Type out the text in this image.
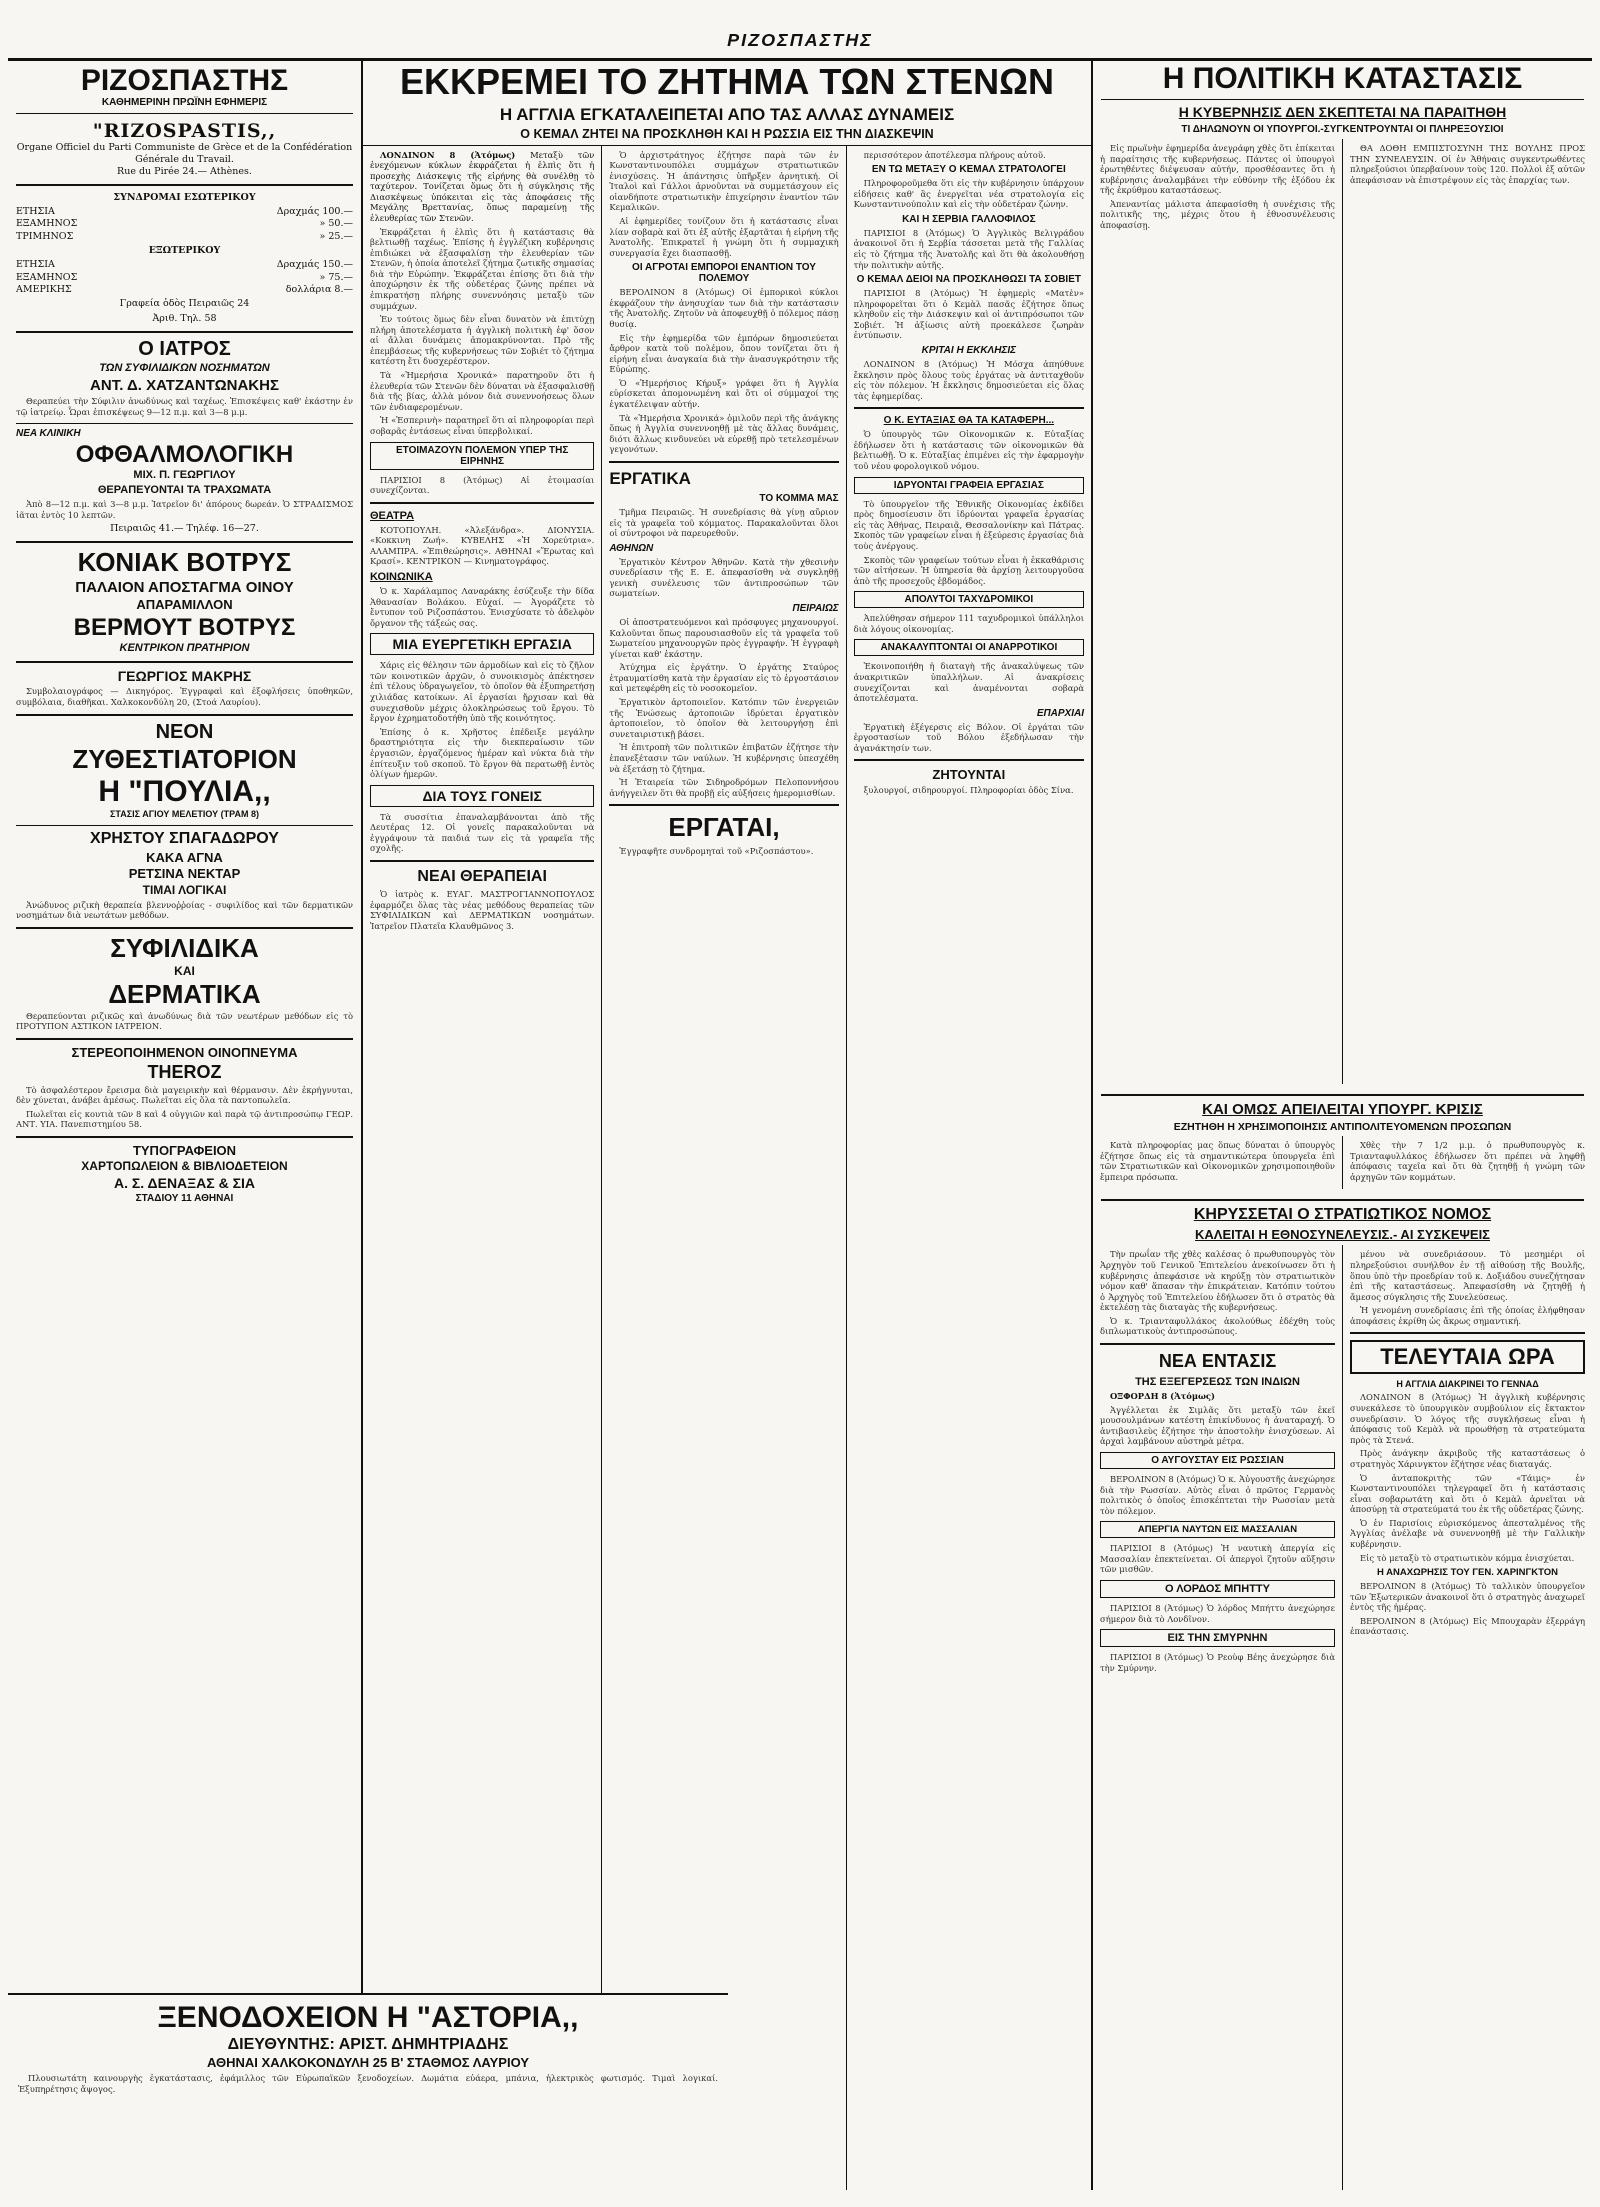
ΡΙΖΟΣΠΑΣΤΗΣ
ΡΙΖΟΣΠΑΣΤΗΣ
ΚΑΘΗΜΕΡΙΝΗ ΠΡΩΪΝΗ ΕΦΗΜΕΡΙΣ
"RIZOSPASTIS,,
Organe Officiel du Parti Communiste de Grèce et de la Confédération Générale du Travail.
Rue du Pirée 24.— Athènes.
ΣΥΝΔΡΟΜΑΙ ΕΣΩΤΕΡΙΚΟΥ
ΕΤΗΣΙΑ	Δραχμάς 100.—
ΕΞΑΜΗΝΟΣ	» 50.—
ΤΡΙΜΗΝΟΣ	» 25.—
ΕΞΩΤΕΡΙΚΟΥ
ΕΤΗΣΙΑ	Δραχμάς 150.—
ΕΞΑΜΗΝΟΣ	» 75.—
ΑΜΕΡΙΚΗΣ	δολλάρια 8.—
Γραφεία ὁδὸς Πειραιῶς 24
Ἀριθ. Τηλ. 58
Ο ΙΑΤΡΟΣ
ΤΩΝ ΣΥΦΙΛΙΔΙΚΩΝ ΝΟΣΗΜΑΤΩΝ
ΑΝΤ. Δ. ΧΑΤΖΑΝΤΩΝΑΚΗΣ

Θεραπεύει τὴν Σύφιλιν ἀνωδύνως καὶ ταχέως. Ἐπισκέψεις καθ' ἑκάστην ἐν τῷ ἰατρείῳ. Ὧραι ἐπισκέψεως 9—12 π.μ. καὶ 3—8 μ.μ.

ΝΕΑ ΚΛΙΝΙΚΗ
ΟΦΘΑΛΜΟΛΟΓΙΚΗ
ΜΙΧ. Π. ΓΕΩΡΓΙΛΟΥ
ΘΕΡΑΠΕΥΟΝΤΑΙ ΤΑ ΤΡΑΧΩΜΑΤΑ

Ἀπὸ 8—12 π.μ. καὶ 3—8 μ.μ. Ἰατρεῖον δι' ἀπόρους δωρεάν. Ὁ ΣΤΡΑΔΙΣΜΟΣ ἰᾶται ἐντὸς 10 λεπτῶν.

Πειραιῶς 41.— Τηλέφ. 16—27.
ΚΟΝΙΑΚ ΒΟΤΡΥΣ
ΠΑΛΑΙΟΝ ΑΠΟΣΤΑΓΜΑ ΟΙΝΟΥ
ΑΠΑΡΑΜΙΛΛΟΝ
ΒΕΡΜΟΥΤ ΒΟΤΡΥΣ
ΚΕΝΤΡΙΚΟΝ ΠΡΑΤΗΡΙΟΝ
ΓΕΩΡΓΙΟΣ ΜΑΚΡΗΣ

Συμβολαιογράφος — Δικηγόρος. Ἐγγραφαὶ καὶ ἐξοφλήσεις ὑποθηκῶν, συμβόλαια, διαθῆκαι. Χαλκοκονδύλη 20, (Στοά Λαυρίου).

ΝΕΟΝ
ΖΥΘΕΣΤΙΑΤΟΡΙΟΝ
Η "ΠΟΥΛΙΑ,,
ΣΤΑΣΙΣ ΑΓΙΟΥ ΜΕΛΕΤΙΟΥ (ΤΡΑΜ 8)
ΧΡΗΣΤΟΥ ΣΠΑΓΑΔΩΡΟΥ
ΚΑΚΑ ΑΓΝΑ
ΡΕΤΣΙΝΑ ΝΕΚΤΑΡ
ΤΙΜΑΙ ΛΟΓΙΚΑΙ

Ἀνώδυνος ριζικὴ θεραπεία βλεννοῤῥοίας - συφιλίδος καὶ τῶν δερματικῶν νοσημάτων διὰ νεωτάτων μεθόδων.

ΣΥΦΙΛΙΔΙΚΑ
ΚΑΙ
ΔΕΡΜΑΤΙΚΑ

Θεραπεύονται ριζικῶς καὶ ἀνωδύνως διὰ τῶν νεωτέρων μεθόδων εἰς τὸ ΠΡΟΤΥΠΟΝ ΑΣΤΙΚΟΝ ΙΑΤΡΕΙΟΝ.

ΣΤΕΡΕΟΠΟΙΗΜΕΝΟΝ ΟΙΝΟΠΝΕΥΜΑ
THEROZ

Τὸ ἀσφαλέστερον ἔρεισμα διὰ μαγειρικὴν καὶ θέρμανσιν. Δὲν ἐκρήγνυται, δὲν χύνεται, ἀνάβει ἀμέσως. Πωλεῖται εἰς ὅλα τὰ παντοπωλεῖα.

Πωλεῖται εἰς κουτιὰ τῶν 8 καὶ 4 οὐγγιῶν καὶ παρὰ τῷ ἀντιπροσώπῳ ΓΕΩΡ. ΑΝΤ. ΥΙΑ. Πανεπιστημίου 58.

ΤΥΠΟΓΡΑΦΕΙΟΝ
ΧΑΡΤΟΠΩΛΕΙΟΝ & ΒΙΒΛΙΟΔΕΤΕΙΟΝ
Α. Σ. ΔΕΝΑΞΑΣ & ΣΙΑ
ΣΤΑΔΙΟΥ 11 ΑΘΗΝΑΙ
ΕΚΚΡΕΜΕΙ ΤΟ ΖΗΤΗΜΑ ΤΩΝ ΣΤΕΝΩΝ
Η ΑΓΓΛΙΑ ΕΓΚΑΤΑΛΕΙΠΕΤΑΙ ΑΠΟ ΤΑΣ ΑΛΛΑΣ ΔΥΝΑΜΕΙΣ
Ο ΚΕΜΑΛ ΖΗΤΕΙ ΝΑ ΠΡΟΣΚΛΗΘΗ ΚΑΙ Η ΡΩΣΣΙΑ ΕΙΣ ΤΗΝ ΔΙΑΣΚΕΨΙΝ

ΛΟΝΔΙΝΟΝ 8 (Ἀτόμως) Μεταξὺ τῶν ἐνεχόμενων κύκλων ἐκφράζεται ἡ ἐλπὶς ὅτι ἡ προσεχὴς Διάσκεψις τῆς εἰρήνης θὰ συνέλθῃ τὸ ταχύτερον. Τονίζεται ὅμως ὅτι ἡ σύγκλησις τῆς Διασκέψεως ὑπόκειται εἰς τὰς ἀποφάσεις τῆς Μεγάλης Βρεττανίας, ὅπως παραμείνῃ τῆς ἐλευθερίας τῶν Στενῶν.

Ἐκφράζεται ἡ ἐλπὶς ὅτι ἡ κατάστασις θὰ βελτιωθῇ ταχέως. Ἐπίσης ἡ ἐγγλέζικη κυβέρνησις ἐπιδιώκει νὰ ἐξασφαλίσῃ τὴν ἐλευθερίαν τῶν Στενῶν, ἡ ὁποία ἀποτελεῖ ζήτημα ζωτικῆς σημασίας διὰ τὴν Εὐρώπην. Ἐκφράζεται ἐπίσης ὅτι διὰ τὴν ἀποχώρησιν ἐκ τῆς οὐδετέρας ζώνης πρέπει νὰ ἐπικρατήσῃ πλήρης συνεννόησις μεταξὺ τῶν συμμάχων.

Ἐν τούτοις ὅμως δὲν εἶναι δυνατὸν νὰ ἐπιτύχῃ πλήρη ἀποτελέσματα ἡ ἀγγλικὴ πολιτικὴ ἐφ' ὅσον αἱ ἄλλαι δυνάμεις ἀπομακρύνονται. Πρὸ τῆς ἐπεμβάσεως τῆς κυβερνήσεως τῶν Σοβιέτ τὸ ζήτημα κατέστη ἔτι δυσχερέστερον.

Τὰ «Ἡμερήσια Χρονικά» παρατηροῦν ὅτι ἡ ἐλευθερία τῶν Στενῶν δὲν δύναται νὰ ἐξασφαλισθῇ διὰ τῆς βίας, ἀλλὰ μόνον διὰ συνεννοήσεως ὅλων τῶν ἐνδιαφερομένων.

Ἡ «Ἑσπερινὴ» παρατηρεῖ ὅτι αἱ πληροφορίαι περὶ σοβαρᾶς ἐντάσεως εἶναι ὑπερβολικαί.

ΕΤΟΙΜΑΖΟΥΝ ΠΟΛΕΜΟΝ ΥΠΕΡ ΤΗΣ ΕΙΡΗΝΗΣ

ΠΑΡΙΣΙΟΙ 8 (Ἀτόμως) Αἱ ἑτοιμασίαι συνεχίζονται.

ΘΕΑΤΡΑ

ΚΟΤΟΠΟΥΛΗ. «Ἀλεξάνδρα». ΔΙΟΝΥΣΙΑ. «Κοκκινη Ζωή». ΚΥΒΕΛΗΣ «Ἡ Χορεύτρια». ΑΛΑΜΠΡΑ. «Ἐπιθεώρησις». ΑΘΗΝΑΙ «Ἔρωτας καὶ Κρασί». ΚΕΝΤΡΙΚΟΝ — Κινηματογράφος.

ΚΟΙΝΩΝΙΚΑ

Ὁ κ. Χαράλαμπος Λαναράκης ἐσύζευξε τὴν δίδα Ἀθανασίαν Βολάκου. Εὐχαί. — Ἀγοράζετε τὸ ἔντυπον τοῦ Ριζοσπάστου. Ἐνισχύσατε τὸ ἀδελφὸν ὄργανον τῆς τάξεώς σας.

ΜΙΑ ΕΥΕΡΓΕΤΙΚΗ ΕΡΓΑΣΙΑ

Χάρις εἰς θέλησιν τῶν ἀρμοδίων καὶ εἰς τὸ ζῆλον τῶν κοινοτικῶν ἀρχῶν, ὁ συνοικισμὸς ἀπέκτησεν ἐπὶ τέλους ὑδραγωγεῖον, τὸ ὁποῖον θὰ ἐξυπηρετήσῃ χιλιάδας κατοίκων. Αἱ ἐργασίαι ἤρχισαν καὶ θὰ συνεχισθοῦν μέχρις ὁλοκληρώσεως τοῦ ἔργου. Τὸ ἔργον ἐχρηματοδοτήθη ὑπὸ τῆς κοινότητος.

Ἐπίσης ὁ κ. Χρῆστος ἐπέδειξε μεγάλην δραστηριότητα εἰς τὴν διεκπεραίωσιν τῶν ἐργασιῶν, ἐργαζόμενος ἡμέραν καὶ νύκτα διὰ τὴν ἐπίτευξιν τοῦ σκοποῦ. Τὸ ἔργον θὰ περατωθῇ ἐντὸς ὀλίγων ἡμερῶν.

ΔΙΑ ΤΟΥΣ ΓΟΝΕΙΣ

Τὰ συσσίτια ἐπαναλαμβάνονται ἀπὸ τῆς Δευτέρας 12. Οἱ γονεῖς παρακαλοῦνται νὰ ἐγγράψουν τὰ παιδιά των εἰς τὰ γραφεῖα τῆς σχολῆς.

ΝΕΑΙ ΘΕΡΑΠΕΙΑΙ

Ὁ ἰατρὸς κ. ΕΥΑΓ. ΜΑΣΤΡΟΓΙΑΝΝΟΠΟΥΛΟΣ ἐφαρμόζει ὅλας τὰς νέας μεθόδους θεραπείας τῶν ΣΥΦΙΛΙΔΙΚΩΝ καὶ ΔΕΡΜΑΤΙΚΩΝ νοσημάτων. Ἰατρεῖον Πλατεῖα Κλαυθμῶνος 3.

Ὁ ἀρχιστράτηγος ἐζήτησε παρὰ τῶν ἐν Κωνσταντινουπόλει συμμάχων στρατιωτικῶν ἐνισχύσεις. Ἡ ἀπάντησις ὑπῆρξεν ἀρνητική. Οἱ Ἰταλοὶ καὶ Γάλλοι ἀρνοῦνται νὰ συμμετάσχουν εἰς οἱανδήποτε στρατιωτικὴν ἐπιχείρησιν ἐναντίον τῶν Κεμαλικῶν.

Αἱ ἐφημερίδες τονίζουν ὅτι ἡ κατάστασις εἶναι λίαν σοβαρὰ καὶ ὅτι ἐξ αὐτῆς ἐξαρτᾶται ἡ εἰρήνη τῆς Ἀνατολῆς. Ἐπικρατεῖ ἡ γνώμη ὅτι ἡ συμμαχικὴ συνεργασία ἔχει διασπασθῇ.

ΟΙ ΑΓΡΟΤΑΙ ΕΜΠΟΡΟΙ ΕΝΑΝΤΙΟΝ ΤΟΥ ΠΟΛΕΜΟΥ

ΒΕΡΟΛΙΝΟΝ 8 (Ἀτόμως) Οἱ ἐμπορικοὶ κύκλοι ἐκφράζουν τὴν ἀνησυχίαν των διὰ τὴν κατάστασιν τῆς Ἀνατολῆς. Ζητοῦν νὰ ἀποφευχθῇ ὁ πόλεμος πάσῃ θυσίᾳ.

Εἰς τὴν ἐφημερίδα τῶν ἐμπόρων δημοσιεύεται ἄρθρον κατὰ τοῦ πολέμου, ὅπου τονίζεται ὅτι ἡ εἰρήνη εἶναι ἀναγκαία διὰ τὴν ἀνασυγκρότησιν τῆς Εὐρώπης.

Ὁ «Ἡμερήσιος Κήρυξ» γράφει ὅτι ἡ Ἀγγλία εὑρίσκεται ἀπομονωμένη καὶ ὅτι οἱ σύμμαχοί της ἐγκατέλειψαν αὐτήν.

Τὰ «Ἡμερήσια Χρονικά» ὁμιλοῦν περὶ τῆς ἀνάγκης ὅπως ἡ Ἀγγλία συνεννοηθῇ μὲ τὰς ἄλλας δυνάμεις, διότι ἄλλως κινδυνεύει νὰ εὑρεθῇ πρὸ τετελεσμένων γεγονότων.

ΕΡΓΑΤΙΚΑ
ΤΟ ΚΟΜΜΑ ΜΑΣ

Τμῆμα Πειραιῶς. Ἡ συνεδρίασις θὰ γίνῃ αὔριον εἰς τὰ γραφεῖα τοῦ κόμματος. Παρακαλοῦνται ὅλοι οἱ σύντροφοι νὰ παρευρεθοῦν.

ΑΘΗΝΩΝ

Ἐργατικὸν Κέντρον Ἀθηνῶν. Κατὰ τὴν χθεσινὴν συνεδρίασιν τῆς Ε. Ε. ἀπεφασίσθη νὰ συγκληθῇ γενικὴ συνέλευσις τῶν ἀντιπροσώπων τῶν σωματείων.

ΠΕΙΡΑΙΩΣ

Οἱ ἀποστρατευόμενοι καὶ πρόσφυγες μηχανουργοί. Καλοῦνται ὅπως παρουσιασθοῦν εἰς τὰ γραφεῖα τοῦ Σωματείου μηχανουργῶν πρὸς ἐγγραφήν. Ἡ ἐγγραφὴ γίνεται καθ' ἑκάστην.

Ἀτύχημα εἰς ἐργάτην. Ὁ ἐργάτης Σταύρος ἐτραυματίσθη κατὰ τὴν ἐργασίαν εἰς τὸ ἐργοστάσιον καὶ μετεφέρθη εἰς τὸ νοσοκομεῖον.

Ἐργατικὸν ἀρτοποιεῖον. Κατόπιν τῶν ἐνεργειῶν τῆς Ἑνώσεως ἀρτοποιῶν ἱδρύεται ἐργατικὸν ἀρτοποιεῖον, τὸ ὁποῖον θὰ λειτουργήσῃ ἐπὶ συνεταιριστικῇ βάσει.

Ἡ ἐπιτροπὴ τῶν πολιτικῶν ἐπιβατῶν ἐζήτησε τὴν ἐπανεξέτασιν τῶν ναύλων. Ἡ κυβέρνησις ὑπεσχέθη νὰ ἐξετάσῃ τὸ ζήτημα.

Ἡ Ἑταιρεία τῶν Σιδηροδρόμων Πελοποννήσου ἀνήγγειλεν ὅτι θὰ προβῇ εἰς αὐξήσεις ἡμερομισθίων.

ΕΡΓΑΤΑΙ,

Ἐγγραφῆτε συνδρομηταὶ τοῦ «Ριζοσπάστου».

περισσότερον ἀποτέλεσμα πλήρους αὐτοῦ.

ΕΝ ΤΩ ΜΕΤΑΞΥ Ο ΚΕΜΑΛ ΣΤΡΑΤΟΛΟΓΕΙ

Πληροφοροῦμεθα ὅτι εἰς τὴν κυβέρνησιν ὑπάρχουν εἰδήσεις καθ' ἃς ἐνεργεῖται νέα στρατολογία εἰς Κωνσταντινούπολιν καὶ εἰς τὴν οὐδετέραν ζώνην.

ΚΑΙ Η ΣΕΡΒΙΑ ΓΑΛΛΟΦΙΛΟΣ

ΠΑΡΙΣΙΟΙ 8 (Ἀτόμως) Ὁ Ἀγγλικὸς Βελιγράδου ἀνακοινοῖ ὅτι ἡ Σερβία τάσσεται μετὰ τῆς Γαλλίας εἰς τὸ ζήτημα τῆς Ἀνατολῆς καὶ ὅτι θὰ ἀκολουθήσῃ τὴν πολιτικὴν αὐτῆς.

Ο ΚΕΜΑΛ ΔΕΙΟΙ ΝΑ ΠΡΟΣΚΛΗΘΩΣΙ ΤΑ ΣΟΒΙΕΤ

ΠΑΡΙΣΙΟΙ 8 (Ἀτόμως) Ἡ ἐφημερὶς «Ματὲν» πληροφορεῖται ὅτι ὁ Κεμὰλ πασᾶς ἐζήτησε ὅπως κληθοῦν εἰς τὴν Διάσκεψιν καὶ οἱ ἀντιπρόσωποι τῶν Σοβιέτ. Ἡ ἀξίωσις αὐτὴ προεκάλεσε ζωηρὰν ἐντύπωσιν.

ΚΡΙΤΑΙ Η ΕΚΚΛΗΣΙΣ

ΛΟΝΔΙΝΟΝ 8 (Ἀτόμως) Ἡ Μόσχα ἀπηύθυνε ἔκκλησιν πρὸς ὅλους τοὺς ἐργάτας νὰ ἀντιταχθοῦν εἰς τὸν πόλεμον. Ἡ ἔκκλησις δημοσιεύεται εἰς ὅλας τὰς ἐφημερίδας.

Ο Κ. ΕΥΤΑΞΙΑΣ ΘΑ ΤΑ ΚΑΤΑΦΕΡΗ...

Ὁ ὑπουργὸς τῶν Οἰκονομικῶν κ. Εὐταξίας ἐδήλωσεν ὅτι ἡ κατάστασις τῶν οἰκονομικῶν θὰ βελτιωθῇ. Ὁ κ. Εὐταξίας ἐπιμένει εἰς τὴν ἐφαρμογὴν τοῦ νέου φορολογικοῦ νόμου.

ΙΔΡΥΟΝΤΑΙ ΓΡΑΦΕΙΑ ΕΡΓΑΣΙΑΣ

Τὸ ὑπουργεῖον τῆς Ἐθνικῆς Οἰκονομίας ἐκδίδει πρὸς δημοσίευσιν ὅτι ἱδρύονται γραφεῖα ἐργασίας εἰς τὰς Ἀθήνας, Πειραιᾶ, Θεσσαλονίκην καὶ Πάτρας. Σκοπὸς τῶν γραφείων εἶναι ἡ ἐξεύρεσις ἐργασίας διὰ τοὺς ἀνέργους.

Σκοπὸς τῶν γραφείων τούτων εἶναι ἡ ἐκκαθάρισις τῶν αἰτήσεων. Ἡ ὑπηρεσία θὰ ἀρχίσῃ λειτουργοῦσα ἀπὸ τῆς προσεχοῦς ἑβδομάδος.

ΑΠΟΛΥΤΟΙ ΤΑΧΥΔΡΟΜΙΚΟΙ

Ἀπελύθησαν σήμερον 111 ταχυδρομικοὶ ὑπάλληλοι διὰ λόγους οἰκονομίας.

ΑΝΑΚΑΛΥΠΤΟΝΤΑΙ ΟΙ ΑΝΑΡΡΟΤΙΚΟΙ

Ἐκοινοποιήθη ἡ διαταγὴ τῆς ἀνακαλύψεως τῶν ἀνακριτικῶν ὑπαλλήλων. Αἱ ἀνακρίσεις συνεχίζονται καὶ ἀναμένονται σοβαρὰ ἀποτελέσματα.

ΕΠΑΡΧΙΑΙ

Ἐργατικὴ ἐξέγερσις εἰς Βόλον. Οἱ ἐργάται τῶν ἐργοστασίων τοῦ Βόλου ἐξεδήλωσαν τὴν ἀγανάκτησίν των.

ΖΗΤΟΥΝΤΑΙ

ξυλουργοί, σιδηρουργοί. Πληροφορίαι ὁδὸς Σίνα.

Η ΠΟΛΙΤΙΚΗ ΚΑΤΑΣΤΑΣΙΣ
Η ΚΥΒΕΡΝΗΣΙΣ ΔΕΝ ΣΚΕΠΤΕΤΑΙ ΝΑ ΠΑΡΑΙΤΗΘΗ
ΤΙ ΔΗΛΩΝΟΥΝ ΟΙ ΥΠΟΥΡΓΟΙ.-ΣΥΓΚΕΝΤΡΟΥΝΤΑΙ ΟΙ ΠΛΗΡΕΞΟΥΣΙΟΙ

Εἰς πρωϊνὴν ἐφημερίδα ἀνεγράφη χθὲς ὅτι ἐπίκειται ἡ παραίτησις τῆς κυβερνήσεως. Πάντες οἱ ὑπουργοὶ ἐρωτηθέντες διέψευσαν αὐτήν, προσθέσαντες ὅτι ἡ κυβέρνησις ἀναλαμβάνει τὴν εὐθύνην τῆς ἐξόδου ἐκ τῆς ἐκρύθμου καταστάσεως.

Ἀπεναντίας μάλιστα ἀπεφασίσθη ἡ συνέχισις τῆς πολιτικῆς της, μέχρις ὅτου ἡ ἐθνοσυνέλευσις ἀποφασίσῃ.

ΘΑ ΔΟΘΗ ΕΜΠΙΣΤΟΣΥΝΗ ΤΗΣ ΒΟΥΛΗΣ ΠΡΟΣ ΤΗΝ ΣΥΝΕΛΕΥΣΙΝ. Οἱ ἐν Ἀθήναις συγκεντρωθέντες πληρεξούσιοι ὑπερβαίνουν τοὺς 120. Πολλοὶ ἐξ αὐτῶν ἀπεφάσισαν νὰ ἐπιστρέψουν εἰς τὰς ἐπαρχίας των.

ΚΑΙ ΟΜΩΣ ΑΠΕΙΛΕΙΤΑΙ ΥΠΟΥΡΓ. ΚΡΙΣΙΣ
ΕΖΗΤΗΘΗ Η ΧΡΗΣΙΜΟΠΟΙΗΣΙΣ ΑΝΤΙΠΟΛΙΤΕΥΟΜΕΝΩΝ ΠΡΟΣΩΠΩΝ

Κατὰ πληροφορίας μας ὅπως δύναται ὁ ὑπουργὸς ἐζήτησε ὅπως εἰς τὰ σημαντικώτερα ὑπουργεῖα ἐπὶ τῶν Στρατιωτικῶν καὶ Οἰκονομικῶν χρησιμοποιηθοῦν ἔμπειρα πρόσωπα.

Χθὲς τὴν 7 1/2 μ.μ. ὁ πρωθυπουργὸς κ. Τριανταφυλλάκος ἐδήλωσεν ὅτι πρέπει νὰ ληφθῇ ἀπόφασις ταχεῖα καὶ ὅτι θὰ ζητηθῇ ἡ γνώμη τῶν ἀρχηγῶν τῶν κομμάτων.

ΚΗΡΥΣΣΕΤΑΙ Ο ΣΤΡΑΤΙΩΤΙΚΟΣ ΝΟΜΟΣ
ΚΑΛΕΙΤΑΙ Η ΕΘΝΟΣΥΝΕΛΕΥΣΙΣ.- ΑΙ ΣΥΣΚΕΨΕΙΣ

Τὴν πρωΐαν τῆς χθὲς καλέσας ὁ πρωθυπουργὸς τὸν Ἀρχηγὸν τοῦ Γενικοῦ Ἐπιτελείου ἀνεκοίνωσεν ὅτι ἡ κυβέρνησις ἀπεφάσισε νὰ κηρύξῃ τὸν στρατιωτικὸν νόμον καθ' ἅπασαν τὴν ἐπικράτειαν. Κατόπιν τούτου ὁ Ἀρχηγὸς τοῦ Ἐπιτελείου ἐδήλωσεν ὅτι ὁ στρατὸς θὰ ἐκτελέσῃ τὰς διαταγὰς τῆς κυβερνήσεως.

Ὁ κ. Τριανταφυλλάκος ἀκολούθως ἐδέχθη τοὺς διπλωματικοὺς ἀντιπροσώπους.

ΝΕΑ ΕΝΤΑΣΙΣ
ΤΗΣ ΕΞΕΓΕΡΣΕΩΣ ΤΩΝ ΙΝΔΙΩΝ

ΟΞΦΟΡΔΗ 8 (Ἀτόμως)

Ἀγγέλλεται ἐκ Σιμλᾶς ὅτι μεταξὺ τῶν ἐκεῖ μουσουλμάνων κατέστη ἐπικίνδυνος ἡ ἀναταραχή. Ὁ ἀντιβασιλεὺς ἐζήτησε τὴν ἀποστολὴν ἐνισχύσεων. Αἱ ἀρχαὶ λαμβάνουν αὐστηρὰ μέτρα.

Ο ΑΥΓΟΥΣΤΑΥ ΕΙΣ ΡΩΣΣΙΑΝ

ΒΕΡΟΛΙΝΟΝ 8 (Ἀτόμως) Ὁ κ. Ἀὐγουστῆς ἀνεχώρησε διὰ τὴν Ρωσσίαν. Αὐτὸς εἶναι ὁ πρῶτος Γερμανὸς πολιτικὸς ὁ ὁποῖος ἐπισκέπτεται τὴν Ρωσσίαν μετὰ τὸν πόλεμον.

ΑΠΕΡΓΙΑ ΝΑΥΤΩΝ ΕΙΣ ΜΑΣΣΑΛΙΑΝ

ΠΑΡΙΣΙΟΙ 8 (Ἀτόμως) Ἡ ναυτικὴ ἀπεργία εἰς Μασσαλίαν ἐπεκτείνεται. Οἱ ἀπεργοὶ ζητοῦν αὔξησιν τῶν μισθῶν.

Ο ΛΟΡΔΟΣ ΜΠΗΤΤΥ

ΠΑΡΙΣΙΟΙ 8 (Ἀτόμως) Ὁ λόρδος Μπήττυ ἀνεχώρησε σήμερον διὰ τὸ Λονδῖνον.

ΕΙΣ ΤΗΝ ΣΜΥΡΝΗΝ

ΠΑΡΙΣΙΟΙ 8 (Ἀτόμως) Ὁ Ρεοὺφ Βέης ἀνεχώρησε διὰ τὴν Σμύρνην.

μένου νὰ συνεδριάσουν. Τὸ μεσημέρι οἱ πληρεξούσιοι συνήλθον ἐν τῇ αἰθούσῃ τῆς Βουλῆς, ὅπου ὑπὸ τὴν προεδρίαν τοῦ κ. Δοξιάδου συνεζήτησαν ἐπὶ τῆς καταστάσεως. Ἀπεφασίσθη νὰ ζητηθῇ ἡ ἄμεσος σύγκλησις τῆς Συνελεύσεως.

Ἡ γενομένη συνεδρίασις ἐπὶ τῆς ὁποίας ἐλήφθησαν ἀποφάσεις ἐκρίθη ὡς ἄκρως σημαντική.

ΤΕΛΕΥΤΑΙΑ ΩΡΑ
Η ΑΓΓΛΙΑ ΔΙΑΚΡΙΝΕΙ ΤΟ ΓΕΝΝΑΔ

ΛΟΝΔΙΝΟΝ 8 (Ἀτόμως) Ἡ ἀγγλικὴ κυβέρνησις συνεκάλεσε τὸ ὑπουργικὸν συμβούλιον εἰς ἔκτακτον συνεδρίασιν. Ὁ λόγος τῆς συγκλήσεως εἶναι ἡ ἀπόφασις τοῦ Κεμὰλ νὰ προωθήσῃ τὰ στρατεύματα πρὸς τὰ Στενά.

Πρὸς ἀνάγκην ἀκριβοῦς τῆς καταστάσεως ὁ στρατηγὸς Χάρινγκτον ἐζήτησε νέας διαταγάς.

Ὁ ἀνταποκριτὴς τῶν «Τάιμς» ἐν Κωνσταντινουπόλει τηλεγραφεῖ ὅτι ἡ κατάστασις εἶναι σοβαρωτάτη καὶ ὅτι ὁ Κεμὰλ ἀρνεῖται νὰ ἀποσύρῃ τὰ στρατεύματά του ἐκ τῆς οὐδετέρας ζώνης.

Ὁ ἐν Παρισίοις εὑρισκόμενος ἀπεσταλμένος τῆς Ἀγγλίας ἀνέλαβε νὰ συνεννοηθῇ μὲ τὴν Γαλλικὴν κυβέρνησιν.

Εἰς τὸ μεταξὺ τὸ στρατιωτικὸν κόμμα ἐνισχύεται.

Η ΑΝΑΧΩΡΗΣΙΣ ΤΟΥ ΓΕΝ. ΧΑΡΙΝΓΚΤΟΝ

ΒΕΡΟΛΙΝΟΝ 8 (Ἀτόμως) Τὸ ταλλικὸν ὑπουργεῖον τῶν Ἐξωτερικῶν ἀνακοινοῖ ὅτι ὁ στρατηγὸς ἀναχωρεῖ ἐντὸς τῆς ἡμέρας.

ΒΕΡΟΛΙΝΟΝ 8 (Ἀτόμως) Εἰς Μπουχαρὰν ἐξερράγη ἐπανάστασις.

ΞΕΝΟΔΟΧΕΙΟΝ Η "ΑΣΤΟΡΙΑ,,
ΔΙΕΥΘΥΝΤΗΣ: ΑΡΙΣΤ. ΔΗΜΗΤΡΙΑΔΗΣ
ΑΘΗΝΑΙ ΧΑΛΚΟΚΟΝΔΥΛΗ 25 Β' ΣΤΑΘΜΟΣ ΛΑΥΡΙΟΥ

Πλουσιωτάτη καινουργὴς ἐγκατάστασις, ἐφάμιλλος τῶν Εὐρωπαϊκῶν ξενοδοχείων. Δωμάτια εὐάερα, μπάνια, ἠλεκτρικὸς φωτισμός. Τιμαὶ λογικαί. Ἐξυπηρέτησις ἄψογος.
